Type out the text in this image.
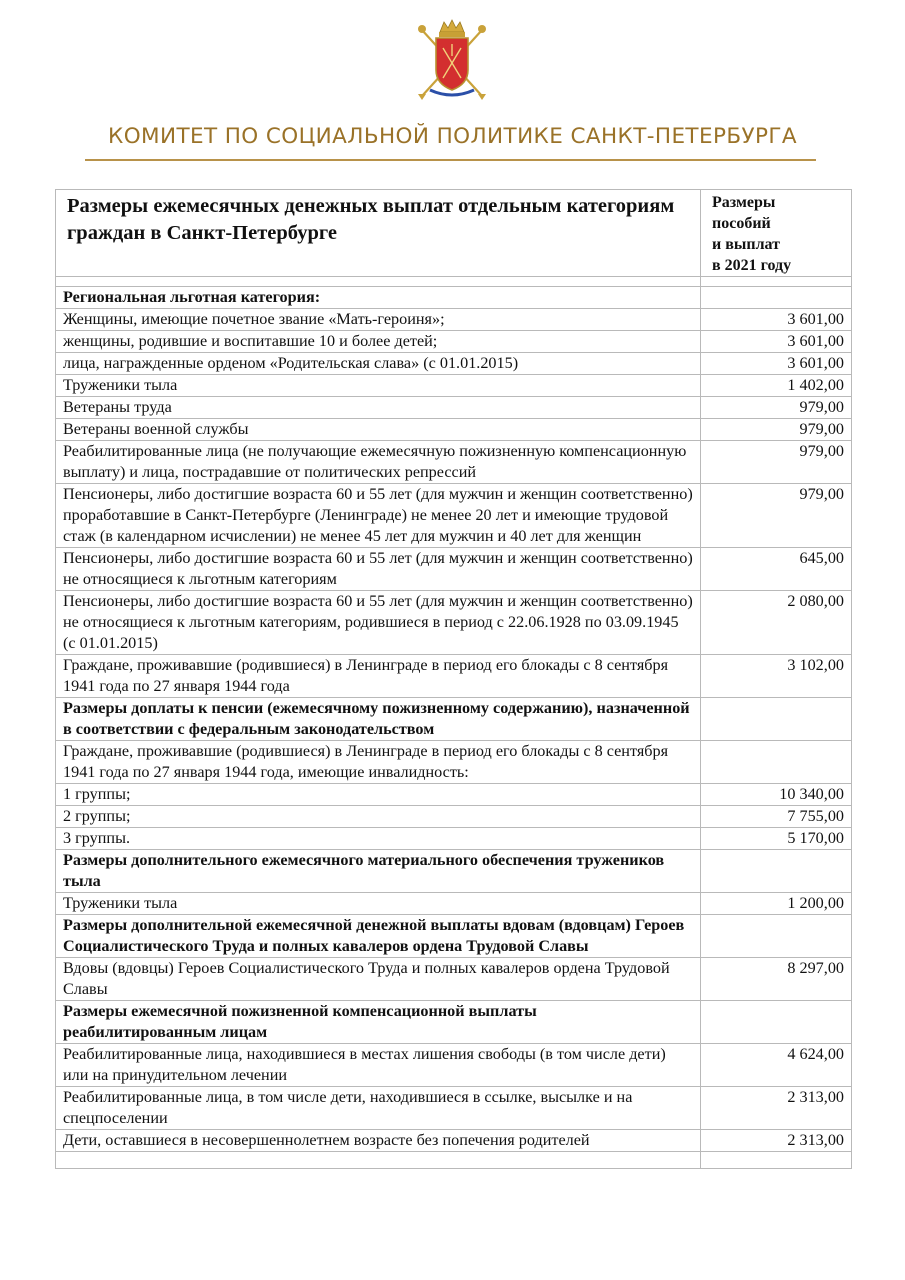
КОМИТЕТ ПО СОЦИАЛЬНОЙ ПОЛИТИКЕ САНКТ-ПЕТЕРБУРГА
Размеры ежемесячных денежных выплат отдельным категориям граждан в Санкт-Петербурге	Размеры
пособий
и выплат
в 2021 году

Региональная льготная категория:	
Женщины, имеющие почетное звание «Мать-героиня»;	3 601,00
женщины, родившие и воспитавшие 10 и более детей;	3 601,00
лица, награжденные орденом «Родительская слава» (с 01.01.2015)	3 601,00
Труженики тыла	1 402,00
Ветераны труда	979,00
Ветераны военной службы	979,00
Реабилитированные лица (не получающие ежемесячную пожизненную компенсационную выплату) и лица, пострадавшие от политических репрессий	979,00
Пенсионеры, либо достигшие возраста 60 и 55 лет (для мужчин и женщин соответственно) проработавшие в Санкт-Петербурге (Ленинграде) не менее 20 лет и имеющие трудовой стаж (в календарном исчислении) не менее 45 лет для мужчин и 40 лет для женщин	979,00
Пенсионеры, либо достигшие возраста 60 и 55 лет (для мужчин и женщин соответственно) не относящиеся к льготным категориям	645,00
Пенсионеры, либо достигшие возраста 60 и 55 лет (для мужчин и женщин соответственно) не относящиеся к льготным категориям, родившиеся в период с 22.06.1928 по 03.09.1945 (с 01.01.2015)	2 080,00
Граждане, проживавшие (родившиеся) в Ленинграде в период его блокады с 8 сентября 1941 года по 27 января 1944 года	3 102,00
Размеры доплаты к пенсии (ежемесячному пожизненному содержанию), назначенной в соответствии с федеральным законодательством	
Граждане, проживавшие (родившиеся) в Ленинграде в период его блокады с 8 сентября 1941 года по 27 января 1944 года, имеющие инвалидность:	
1 группы;	10 340,00
2 группы;	7 755,00
3 группы.	5 170,00
Размеры дополнительного ежемесячного материального обеспечения тружеников тыла	
Труженики тыла	1 200,00
Размеры дополнительной ежемесячной денежной выплаты вдовам (вдовцам) Героев Социалистического Труда и полных кавалеров ордена Трудовой Славы	
Вдовы (вдовцы) Героев Социалистического Труда и полных кавалеров ордена Трудовой Славы	8 297,00
Размеры ежемесячной пожизненной компенсационной выплаты реабилитированным лицам	
Реабилитированные лица, находившиеся в местах лишения свободы (в том числе дети) или на принудительном лечении	4 624,00
Реабилитированные лица, в том числе дети, находившиеся в ссылке, высылке и на спецпоселении	2 313,00
Дети, оставшиеся в несовершеннолетнем возрасте без попечения родителей	2 313,00
